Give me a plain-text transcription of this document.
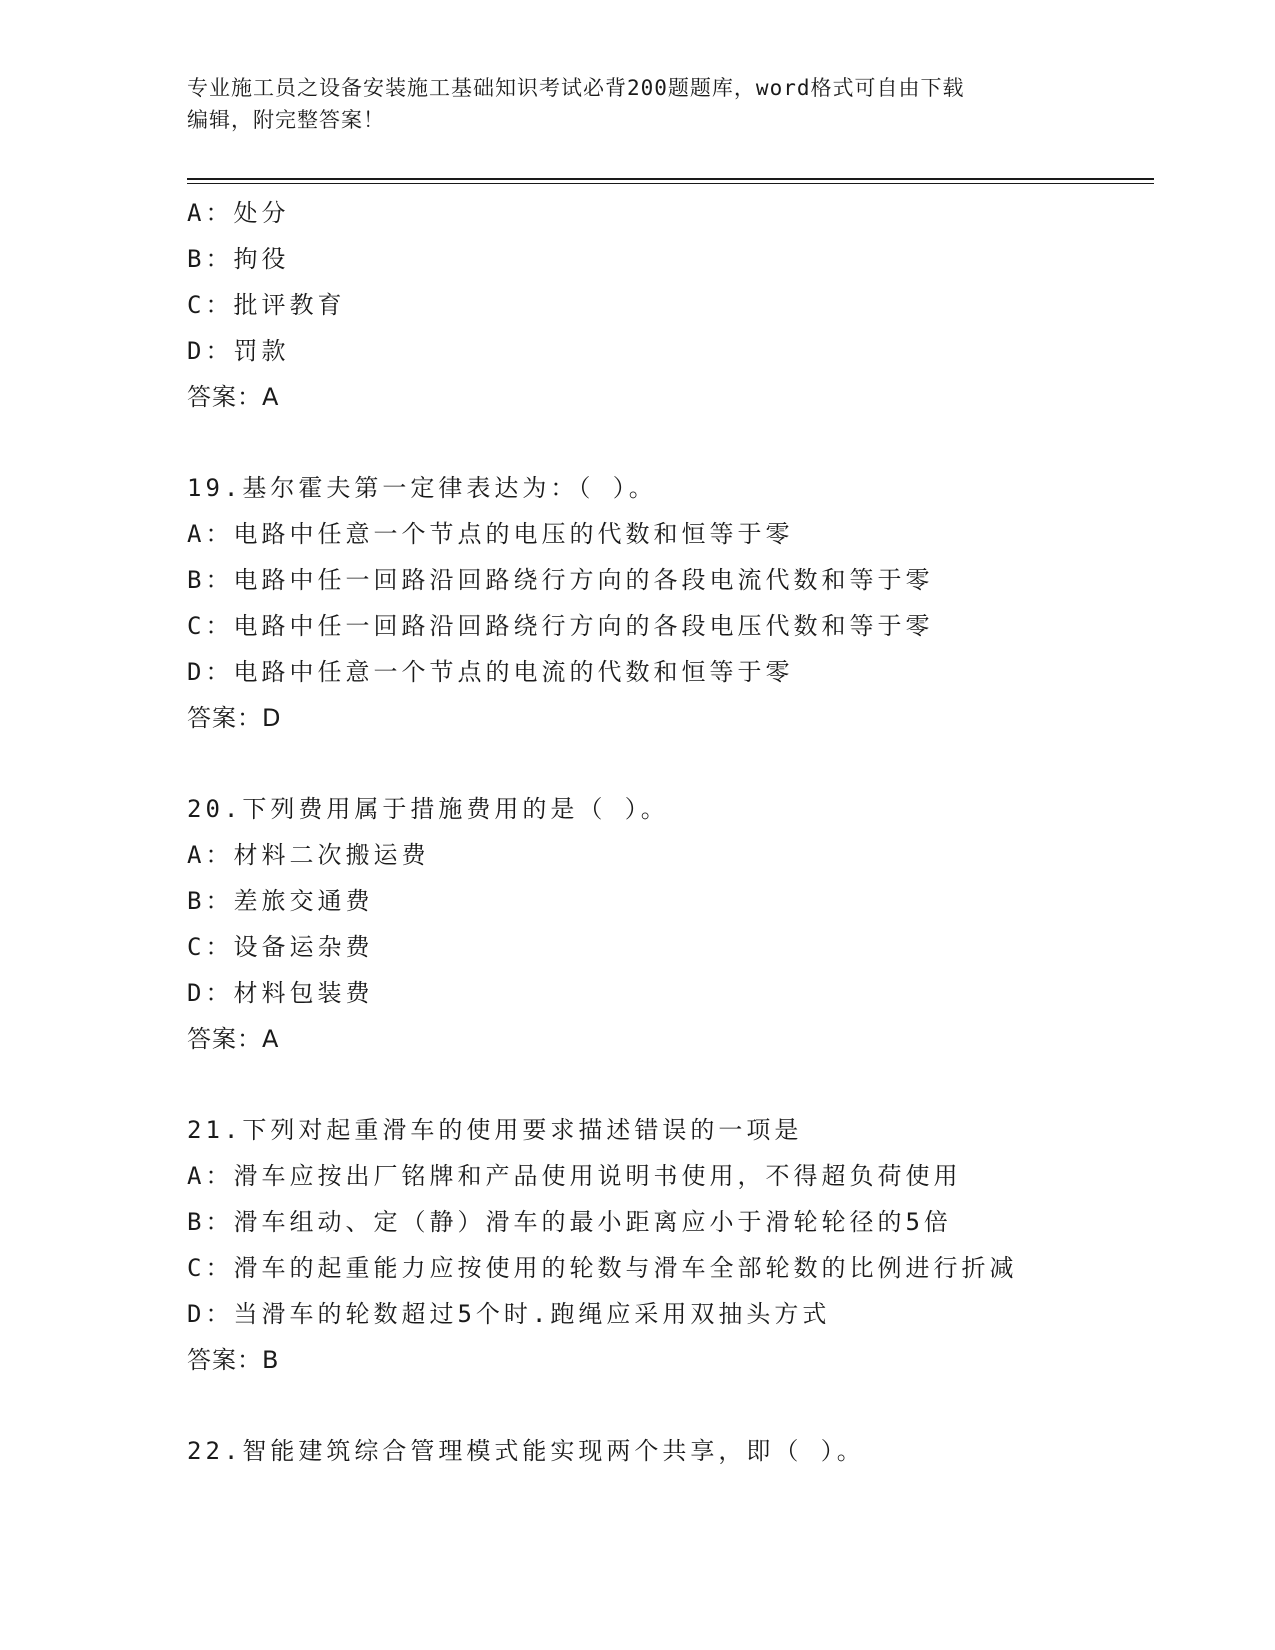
专业施工员之设备安装施工基础知识考试必背200题题库，word格式可自由下载
编辑，附完整答案！
A：处分
B：拘役
C：批评教育
D：罚款
答案：A
19.基尔霍夫第一定律表达为：（ ）。
A：电路中任意一个节点的电压的代数和恒等于零
B：电路中任一回路沿回路绕行方向的各段电流代数和等于零
C：电路中任一回路沿回路绕行方向的各段电压代数和等于零
D：电路中任意一个节点的电流的代数和恒等于零
答案：D
20.下列费用属于措施费用的是（ ）。
A：材料二次搬运费
B：差旅交通费
C：设备运杂费
D：材料包装费
答案：A
21.下列对起重滑车的使用要求描述错误的一项是
A：滑车应按出厂铭牌和产品使用说明书使用，不得超负荷使用
B：滑车组动、定（静）滑车的最小距离应小于滑轮轮径的5倍
C：滑车的起重能力应按使用的轮数与滑车全部轮数的比例进行折减
D：当滑车的轮数超过5个时.跑绳应采用双抽头方式
答案：B
22.智能建筑综合管理模式能实现两个共享，即（ ）。
